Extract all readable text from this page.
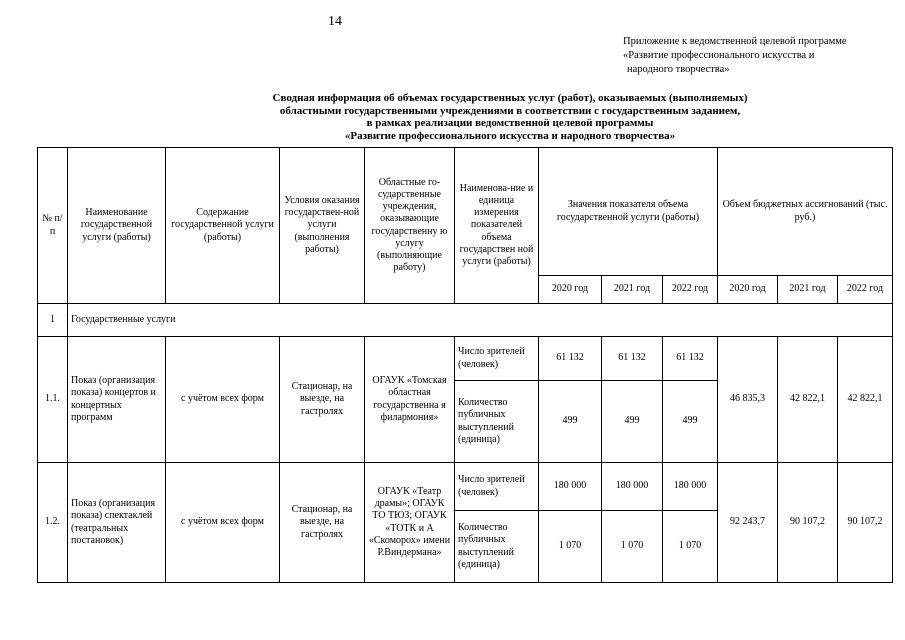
14
Приложение к ведомственной целевой программе
«Развитие профессионального искусства и
народного творчества»
Сводная информация об объемах государственных услуг (работ), оказываемых (выполняемых)
областными государственными учреждениями в соответствии с государственным заданием,
в рамках реализации ведомственной целевой программы
«Развитие профессионального искусства и народного творчества»
№ п/п	Наименование государственной услуги (работы)	Содержание государственной услуги (работы)	Условия оказания государствен-ной услуги (выполнения работы)	Областные го-сударственные учреждения, оказывающие государственну ю услугу (выполняющие работу)	Наименова-ние и единица измерения показателей объема государствен ной услуги (работы)	Значения показателя объема государственной услуги (работы)			Объем бюджетных ассигнований (тыс. руб.)		
						2020 год	2021 год	2022 год	2020 год	2021 год	2022 год
1	Государственные услуги										
1.1.	Показ (организация показа) концертов и концертных программ	с учётом всех форм	Стационар, на выезде, на гастролях	ОГАУК «Томская областная государственна я филармония»	Число зрителей (человек)	61 132	61 132	61 132	46 835,3	42 822,1	42 822,1
					Количество публичных выступлений (единица)	499	499	499			
1.2.	Показ (организация показа) спектаклей (театральных постановок)	с учётом всех форм	Стационар, на выезде, на гастролях	ОГАУК «Театр драмы»; ОГАУК ТО ТЮЗ; ОГАУК «ТОТК и А «Скоморох» имени Р.Виндермана»	Число зрителей (человек)	180 000	180 000	180 000	92 243,7	90 107,2	90 107,2
					Количество публичных выступлений (единица)	1 070	1 070	1 070			
